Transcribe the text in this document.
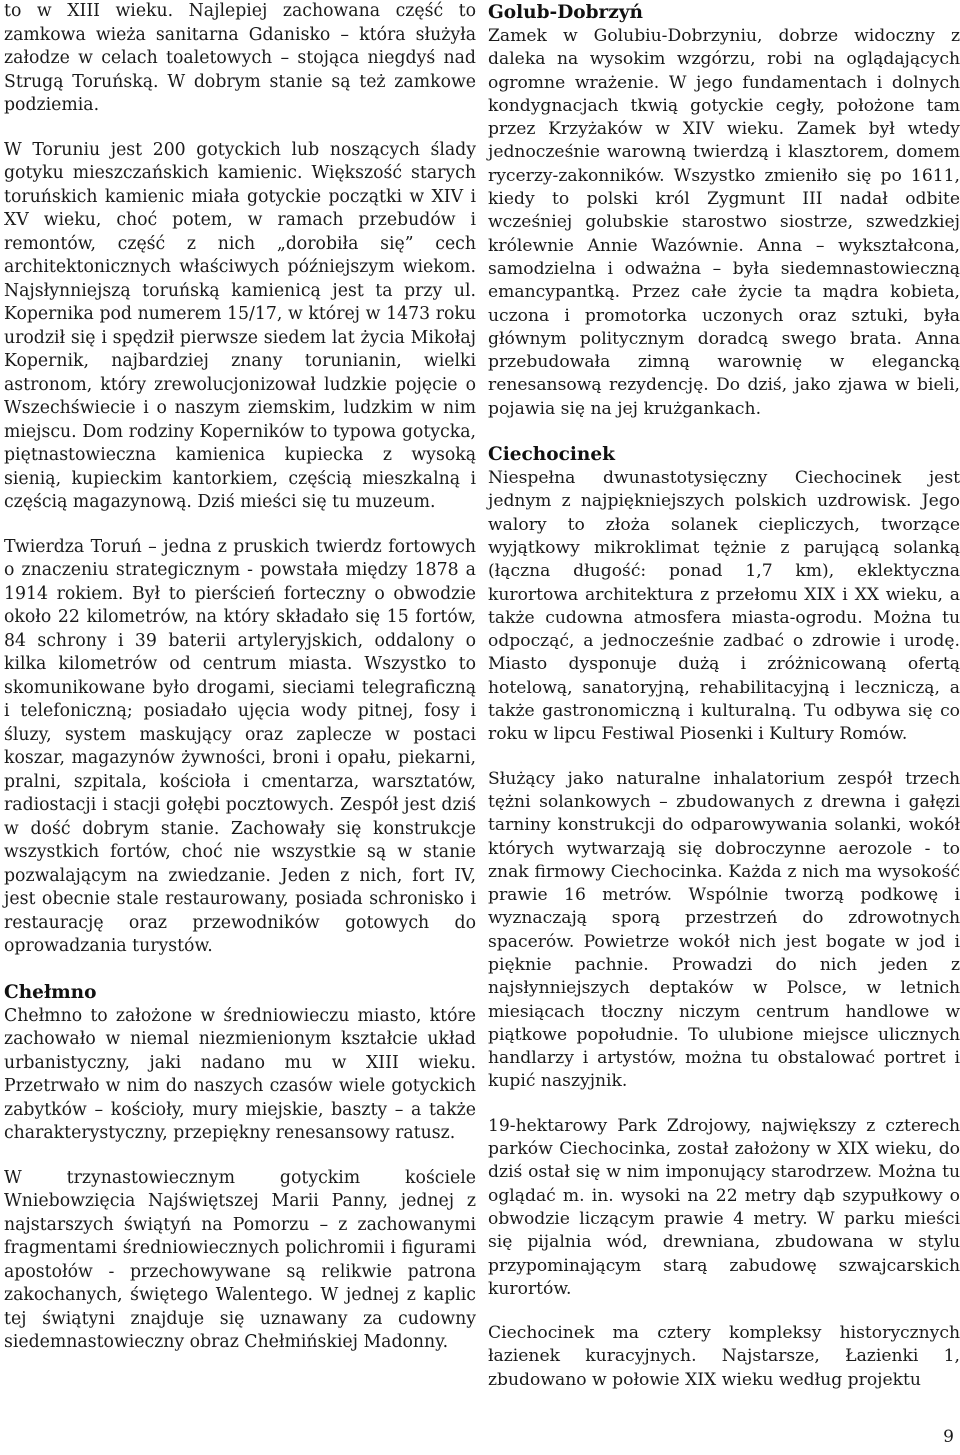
to w XIII wieku. Najlepiej zachowana część to zamkowa wieża sanitarna Gdanisko – która służyła załodze w celach toaletowych – stojąca niegdyś nad Strugą Toruńską. W dobrym stanie są też zamkowe podziemia.

W Toruniu jest 200 gotyckich lub noszących ślady gotyku mieszczańskich kamienic. Większość starych toruńskich kamienic miała gotyckie początki w XIV i XV wieku, choć potem, w ramach przebudów i remontów, część z nich „dorobiła się” cech architektonicznych właściwych późniejszym wiekom. Najsłynniejszą toruńską kamienicą jest ta przy ul. Kopernika pod numerem 15/17, w której w 1473 roku urodził się i spędził pierwsze siedem lat życia Mikołaj Kopernik, najbardziej znany torunianin, wielki astronom, który zrewolucjonizował ludzkie pojęcie o Wszechświecie i o naszym ziemskim, ludzkim w nim miejscu. Dom rodziny Koperników to typowa gotycka, piętnastowieczna kamienica kupiecka z wysoką sienią, kupieckim kantorkiem, częścią mieszkalną i częścią magazynową. Dziś mieści się tu muzeum.

Twierdza Toruń – jedna z pruskich twierdz fortowych o znaczeniu strategicznym - powstała między 1878 a 1914 rokiem. Był to pierścień forteczny o obwodzie około 22 kilometrów, na który składało się 15 fortów, 84 schrony i 39 baterii artyleryjskich, oddalony o kilka kilometrów od centrum miasta. Wszystko to skomunikowane było drogami, sieciami telegraficzną i telefoniczną; posiadało ujęcia wody pitnej, fosy i śluzy, system maskujący oraz zaplecze w postaci koszar, magazynów żywności, broni i opału, piekarni, pralni, szpitala, kościoła i cmentarza, warsztatów, radiostacji i stacji gołębi pocztowych. Zespół jest dziś w dość dobrym stanie. Zachowały się konstrukcje wszystkich fortów, choć nie wszystkie są w stanie pozwalającym na zwiedzanie. Jeden z nich, fort IV, jest obecnie stale restaurowany, posiada schronisko i restaurację oraz przewodników gotowych do oprowadzania turystów.

Chełmno

Chełmno to założone w średniowieczu miasto, które zachowało w niemal niezmienionym kształcie układ urbanistyczny, jaki nadano mu w XIII wieku. Przetrwało w nim do naszych czasów wiele gotyckich zabytków – kościoły, mury miejskie, baszty – a także charakterystyczny, przepiękny renesansowy ratusz.

W trzynastowiecznym gotyckim kościele Wniebowzięcia Najświętszej Marii Panny, jednej z najstarszych świątyń na Pomorzu – z zachowanymi fragmentami średniowiecznych polichromii i figurami apostołów - przechowywane są relikwie patrona zakochanych, świętego Walentego. W jednej z kaplic tej świątyni znajduje się uznawany za cudowny siedemnastowieczny obraz Chełmińskiej Madonny.

Golub-Dobrzyń

Zamek w Golubiu-Dobrzyniu, dobrze widoczny z daleka na wysokim wzgórzu, robi na oglądających ogromne wrażenie. W jego fundamentach i dolnych kondygnacjach tkwią gotyckie cegły, położone tam przez Krzyżaków w XIV wieku. Zamek był wtedy jednocześnie warowną twierdzą i klasztorem, domem rycerzy-zakonników. Wszystko zmieniło się po 1611, kiedy to polski król Zygmunt III nadał odbite wcześniej golubskie starostwo siostrze, szwedzkiej królewnie Annie Wazównie. Anna – wykształcona, samodzielna i odważna – była siedemnastowieczną emancypantką. Przez całe życie ta mądra kobieta, uczona i promotorka uczonych oraz sztuki, była głównym politycznym doradcą swego brata. Anna przebudowała zimną warownię w elegancką renesansową rezydencję. Do dziś, jako zjawa w bieli, pojawia się na jej krużgankach.

Ciechocinek

Niespełna dwunastotysięczny Ciechocinek jest jednym z najpiękniejszych polskich uzdrowisk. Jego walory to złoża solanek ciepliczych, tworzące wyjątkowy mikroklimat tężnie z parującą solanką (łączna długość: ponad 1,7 km), eklektyczna kurortowa architektura z przełomu XIX i XX wieku, a także cudowna atmosfera miasta-ogrodu. Można tu odpocząć, a jednocześnie zadbać o zdrowie i urodę. Miasto dysponuje dużą i zróżnicowaną ofertą hotelową, sanatoryjną, rehabilitacyjną i leczniczą, a także gastronomiczną i kulturalną. Tu odbywa się co roku w lipcu Festiwal Piosenki i Kultury Romów.

Służący jako naturalne inhalatorium zespół trzech tężni solankowych – zbudowanych z drewna i gałęzi tarniny konstrukcji do odparowywania solanki, wokół których wytwarzają się dobroczynne aerozole - to znak firmowy Ciechocinka. Każda z nich ma wysokość prawie 16 metrów. Wspólnie tworzą podkowę i wyznaczają sporą przestrzeń do zdrowotnych spacerów. Powietrze wokół nich jest bogate w jod i pięknie pachnie. Prowadzi do nich jeden z najsłynniejszych deptaków w Polsce, w letnich miesiącach tłoczny niczym centrum handlowe w piątkowe popołudnie. To ulubione miejsce ulicznych handlarzy i artystów, można tu obstalować portret i kupić naszyjnik.

19-hektarowy Park Zdrojowy, największy z czterech parków Ciechocinka, został założony w XIX wieku, do dziś ostał się w nim imponujący starodrzew. Można tu oglądać m. in. wysoki na 22 metry dąb szypułkowy o obwodzie liczącym prawie 4 metry. W parku mieści się pijalnia wód, drewniana, zbudowana w stylu przypominającym starą zabudowę szwajcarskich kurortów.

Ciechocinek ma cztery kompleksy historycznych łazienek kuracyjnych. Najstarsze, Łazienki 1, zbudowano w połowie XIX wieku według projektu

9
